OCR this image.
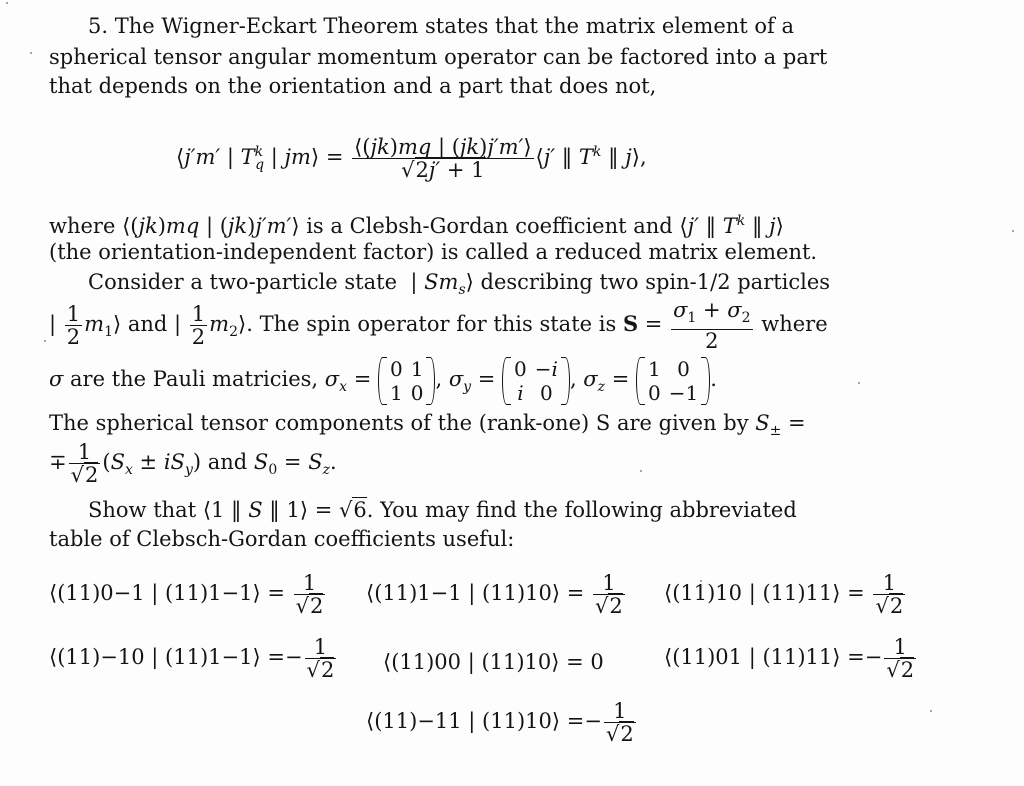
5. The Wigner-Eckart Theorem states that the matrix element of a
spherical tensor angular momentum operator can be factored into a part
that depends on the orientation and a part that does not,
⟨j′m′ | $T^k_q$ | jm⟩ = $\frac{⟨(jk)mq | (jk)j'm'⟩}{√2j' + 1}$ ⟨j′ ‖ $T^k$ ‖ j⟩,
where ⟨(jk)mq | (jk)j′m′⟩ is a Clebsh-Gordan coefficient and ⟨j′ ‖ $T^k$ ‖ j⟩
(the orientation-independent factor) is called a reduced matrix element.
Consider a two-particle state  | $Sm_s⟩$ describing two spin-1/2 particles
| $\frac{1}{2}$ $m_1⟩$ and | $\frac{1}{2}$ $m_2⟩$. The spin operator for this state is $S = \frac{\sigma_1 + \sigma_2}{2}$ where
σ are the Pauli matricies, $\sigma_x = 0$	1
1	0
, $\sigma_y = 0$	−i
i	0
, $\sigma_z = 1$	0
0	−1
.
The spherical tensor components of the (rank-one) S are given by $S_\pm$ =
∓ $\frac{1}{√2} (S_x \pm iS_y)$ and $S_0 = S_z$.
Show that ⟨1 ‖ S ‖ 1⟩ = √6. You may find the following abbreviated
table of Clebsch-Gordan coefficients useful:
⟨(11)0−1 | (11)1−1⟩ = $\frac{1}{√2}$ ⟨(11)1−1 | (11)10⟩ = $\frac{1}{√2}$ ⟨(11)10 | (11)11⟩ = $\frac{1}{√2}$
⟨(11)−10 | (11)1−1⟩ =− $\frac{1}{√2}$ ⟨(11)00 | (11)10⟩ = 0	⟨(11)01 | (11)11⟩ =− $\frac{1}{√2}$
⟨(11)−11 | (11)10⟩ =− $\frac{1}{√2}$
